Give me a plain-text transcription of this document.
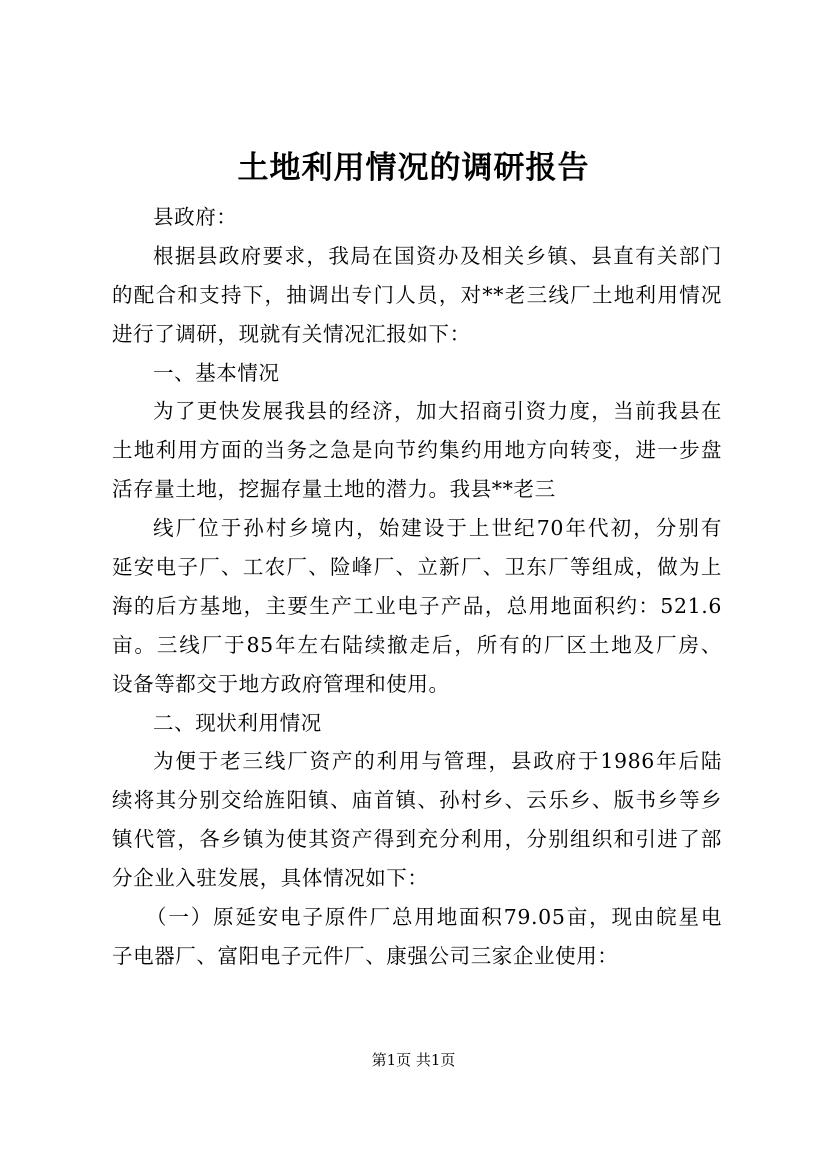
土地利用情况的调研报告
县政府：
根据县政府要求，我局在国资办及相关乡镇、县直有关部门
的配合和支持下，抽调出专门人员，对**老三线厂土地利用情况
进行了调研，现就有关情况汇报如下：
一、基本情况
为了更快发展我县的经济，加大招商引资力度，当前我县在
土地利用方面的当务之急是向节约集约用地方向转变，进一步盘
活存量土地，挖掘存量土地的潜力。我县**老三
线厂位于孙村乡境内，始建设于上世纪70年代初，分别有
延安电子厂、工农厂、险峰厂、立新厂、卫东厂等组成，做为上
海的后方基地，主要生产工业电子产品，总用地面积约：521.6
亩。三线厂于85年左右陆续撤走后，所有的厂区土地及厂房、
设备等都交于地方政府管理和使用。
二、现状利用情况
为便于老三线厂资产的利用与管理，县政府于1986年后陆
续将其分别交给旌阳镇、庙首镇、孙村乡、云乐乡、版书乡等乡
镇代管，各乡镇为使其资产得到充分利用，分别组织和引进了部
分企业入驻发展，具体情况如下：
（一）原延安电子原件厂总用地面积79.05亩，现由皖星电
子电器厂、富阳电子元件厂、康强公司三家企业使用：
第1页 共1页
